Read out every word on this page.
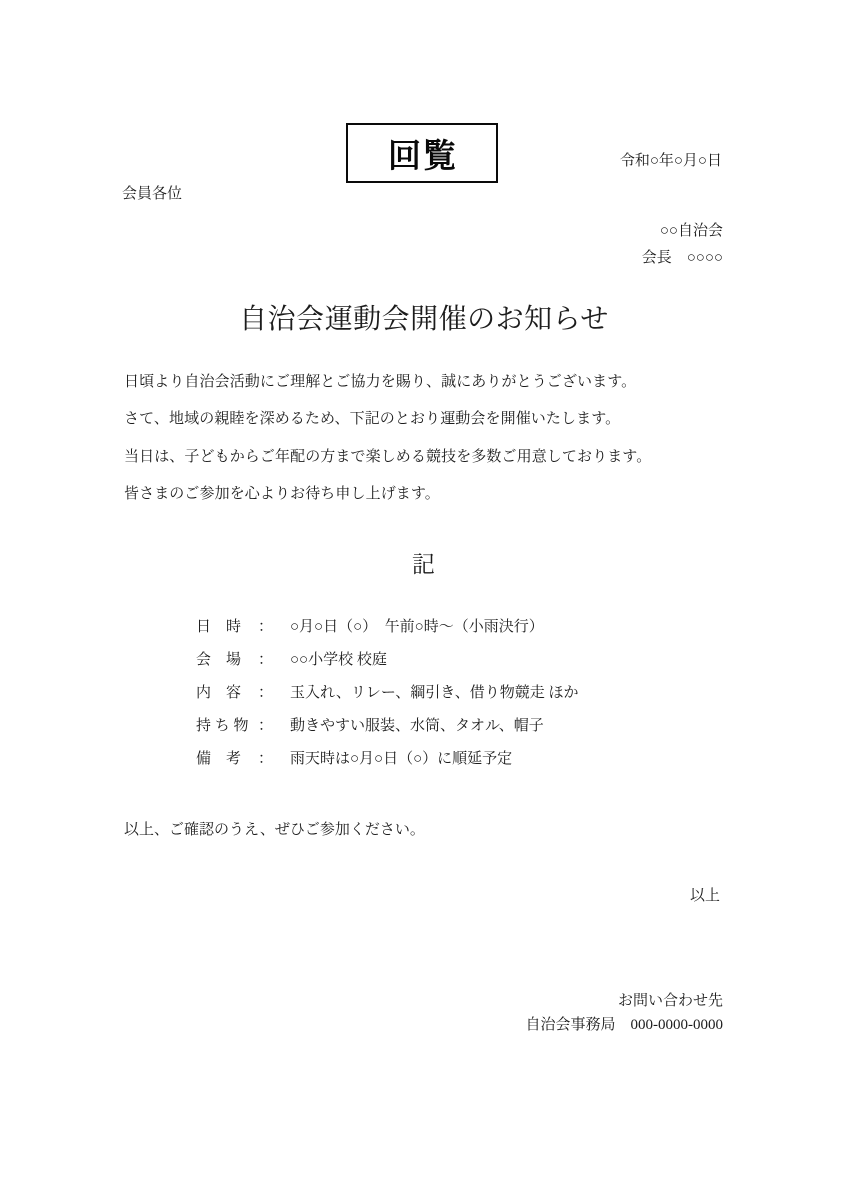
回覧	令和○年○月○日
会員各位
○○自治会
会長　○○○○
自治会運動会開催のお知らせ

日頃より自治会活動にご理解とご協力を賜り、誠にありがとうございます。

さて、地域の親睦を深めるため、下記のとおり運動会を開催いたします。

当日は、子どもからご年配の方まで楽しめる競技を多数ご用意しております。

皆さまのご参加を心よりお待ち申し上げます。

記
日　時	： ○月○日（○）　午前○時～（小雨決行）
会　場	： ○○小学校 校庭
内　容	： 玉入れ、リレー、綱引き、借り物競走 ほか
持 ち 物 ： 動きやすい服装、水筒、タオル、帽子
備　考	： 雨天時は○月○日（○）に順延予定
以上、ご確認のうえ、ぜひご参加ください。
以上
お問い合わせ先
自治会事務局　000-0000-0000
